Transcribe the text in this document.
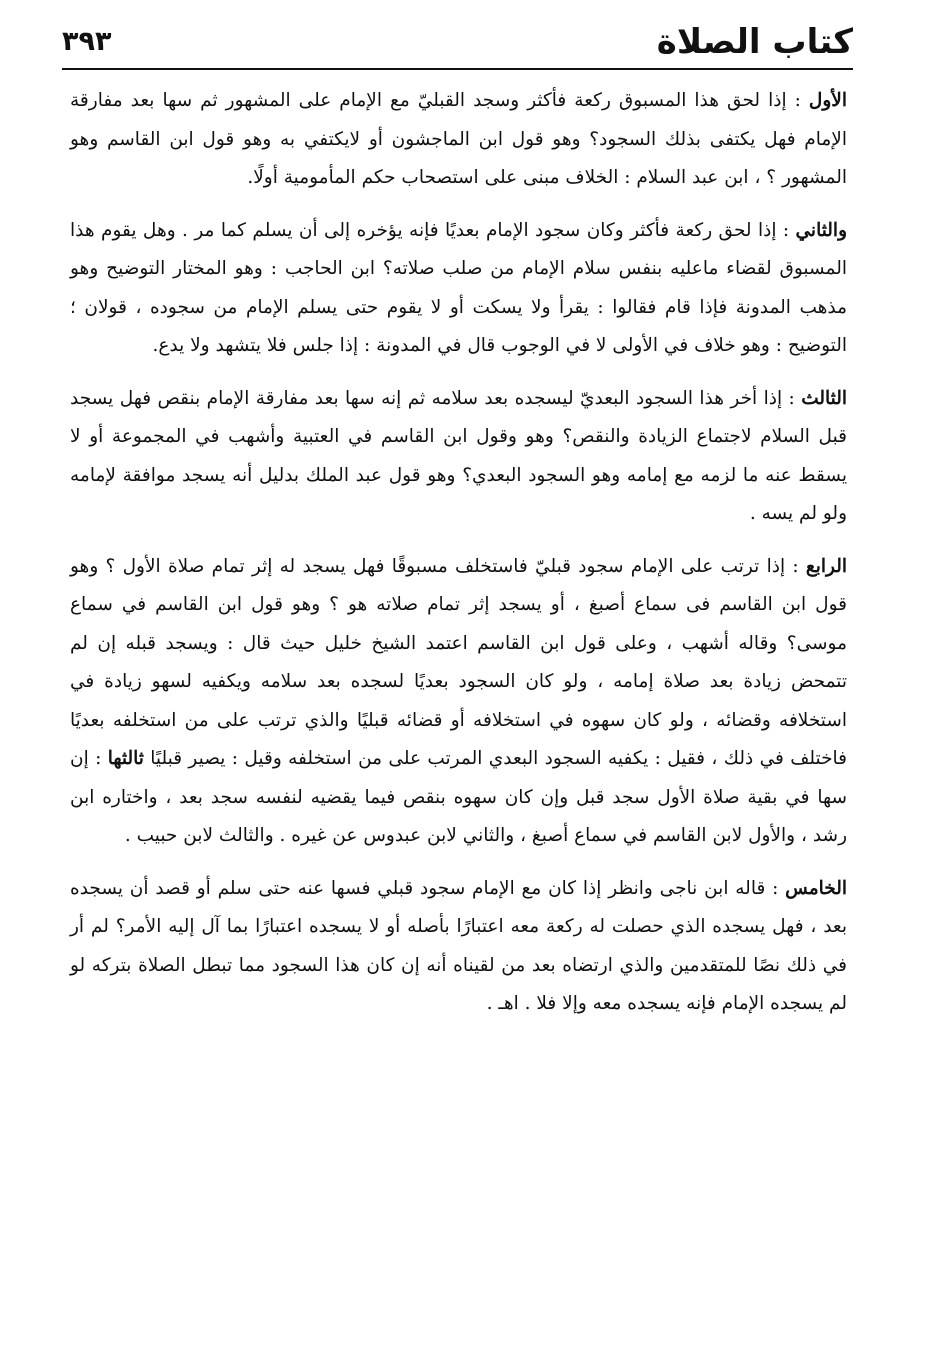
كتاب الصلاة
٣٩٣

الأول : إذا لحق هذا المسبوق ركعة فأكثر وسجد القبليّ مع الإمام على المشهور ثم سها بعد مفارقة الإمام فهل يكتفى بذلك السجود؟ وهو قول ابن الماجشون أو لايكتفي به وهو قول ابن القاسم وهو المشهور ؟ ، ابن عبد السلام : الخلاف مبنى على استصحاب حكم المأمومية أولًا.

والثاني : إذا لحق ركعة فأكثر وكان سجود الإمام بعديًا فإنه يؤخره إلى أن يسلم كما مر . وهل يقوم هذا المسبوق لقضاء ماعليه بنفس سلام الإمام من صلب صلاته؟ ابن الحاجب : وهو المختار التوضيح وهو مذهب المدونة فإذا قام فقالوا : يقرأ ولا يسكت أو لا يقوم حتى يسلم الإمام من سجوده ، قولان ؛ التوضيح : وهو خلاف في الأولى لا في الوجوب قال في المدونة : إذا جلس فلا يتشهد ولا يدع.

الثالث : إذا أخر هذا السجود البعديّ ليسجده بعد سلامه ثم إنه سها بعد مفارقة الإمام بنقص فهل يسجد قبل السلام لاجتماع الزيادة والنقص؟ وهو وقول ابن القاسم في العتبية وأشهب في المجموعة أو لا يسقط عنه ما لزمه مع إمامه وهو السجود البعدي؟ وهو قول عبد الملك بدليل أنه يسجد موافقة لإمامه ولو لم يسه .

الرابع : إذا ترتب على الإمام سجود قبليّ فاستخلف مسبوقًا فهل يسجد له إثر تمام صلاة الأول ؟ وهو قول ابن القاسم فى سماع أصبغ ، أو يسجد إثر تمام صلاته هو ؟ وهو قول ابن القاسم في سماع موسى؟ وقاله أشهب ، وعلى قول ابن القاسم اعتمد الشيخ خليل حيث قال : ويسجد قبله إن لم تتمحض زيادة بعد صلاة إمامه ، ولو كان السجود بعديًا لسجده بعد سلامه ويكفيه لسهو زيادة في استخلافه وقضائه ، ولو كان سهوه في استخلافه أو قضائه قبليًا والذي ترتب على من استخلفه بعديًا فاختلف في ذلك ، فقيل : يكفيه السجود البعدي المرتب على من استخلفه وقيل : يصير قبليًا ثالثها : إن سها في بقية صلاة الأول سجد قبل وإن كان سهوه بنقص فيما يقضيه لنفسه سجد بعد ، واختاره ابن رشد ، والأول لابن القاسم في سماع أصبغ ، والثاني لابن عبدوس عن غيره . والثالث لابن حبيب .

الخامس : قاله ابن ناجى وانظر إذا كان مع الإمام سجود قبلي فسها عنه حتى سلم أو قصد أن يسجده بعد ، فهل يسجده الذي حصلت له ركعة معه اعتبارًا بأصله أو لا يسجده اعتبارًا بما آل إليه الأمر؟ لم أر في ذلك نصًا للمتقدمين والذي ارتضاه بعد من لقيناه أنه إن كان هذا السجود مما تبطل الصلاة بتركه لو لم يسجده الإمام فإنه يسجده معه وإلا فلا . اهـ .
